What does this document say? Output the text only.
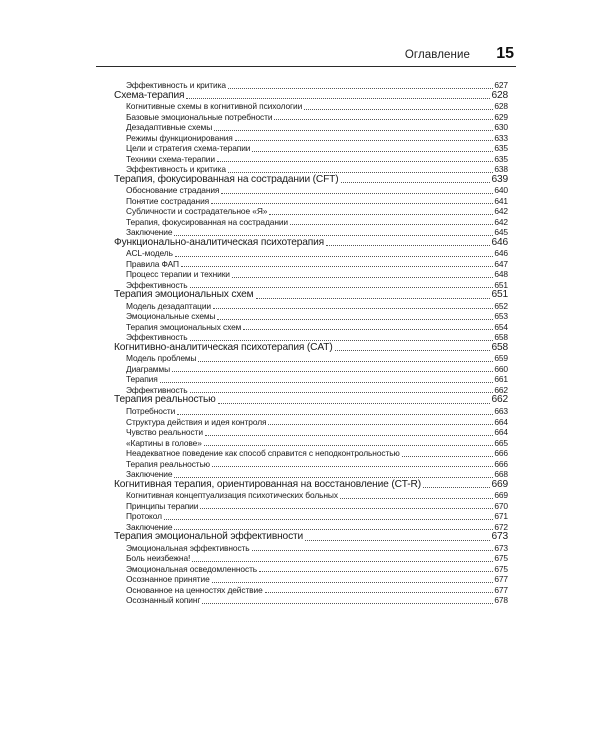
Оглавление 15
Эффективность и критика	627
Схема-терапия	628
Когнитивные схемы в когнитивной психологии	628
Базовые эмоциональные потребности	629
Дезадаптивные схемы	630
Режимы функционирования	633
Цели и стратегия схема-терапии	635
Техники схема-терапии	635
Эффективность и критика	638
Терапия, фокусированная на сострадании (CFT)	639
Обоснование страдания	640
Понятие сострадания	641
Субличности и сострадательное «Я»	642
Терапия, фокусированная на сострадании	642
Заключение	645
Функционально-аналитическая психотерапия	646
ACL-модель	646
Правила ФАП	647
Процесс терапии и техники	648
Эффективность	651
Терапия эмоциональных схем	651
Модель дезадаптации	652
Эмоциональные схемы	653
Терапия эмоциональных схем	654
Эффективность	658
Когнитивно-аналитическая психотерапия (CAT)	658
Модель проблемы	659
Диаграммы	660
Терапия	661
Эффективность	662
Терапия реальностью	662
Потребности	663
Структура действия и идея контроля	664
Чувство реальности	664
«Картины в голове»	665
Неадекватное поведение как способ справится с неподконтрольностью	666
Терапия реальностью	666
Заключение	668
Когнитивная терапия, ориентированная на восстановление (CT-R)	669
Когнитивная концептуализация психотических больных	669
Принципы терапии	670
Протокол	671
Заключение	672
Терапия эмоциональной эффективности	673
Эмоциональная эффективность	673
Боль неизбежна!	675
Эмоциональная осведомленность	675
Осознанное принятие	677
Основанное на ценностях действие	677
Осознанный копинг	678
